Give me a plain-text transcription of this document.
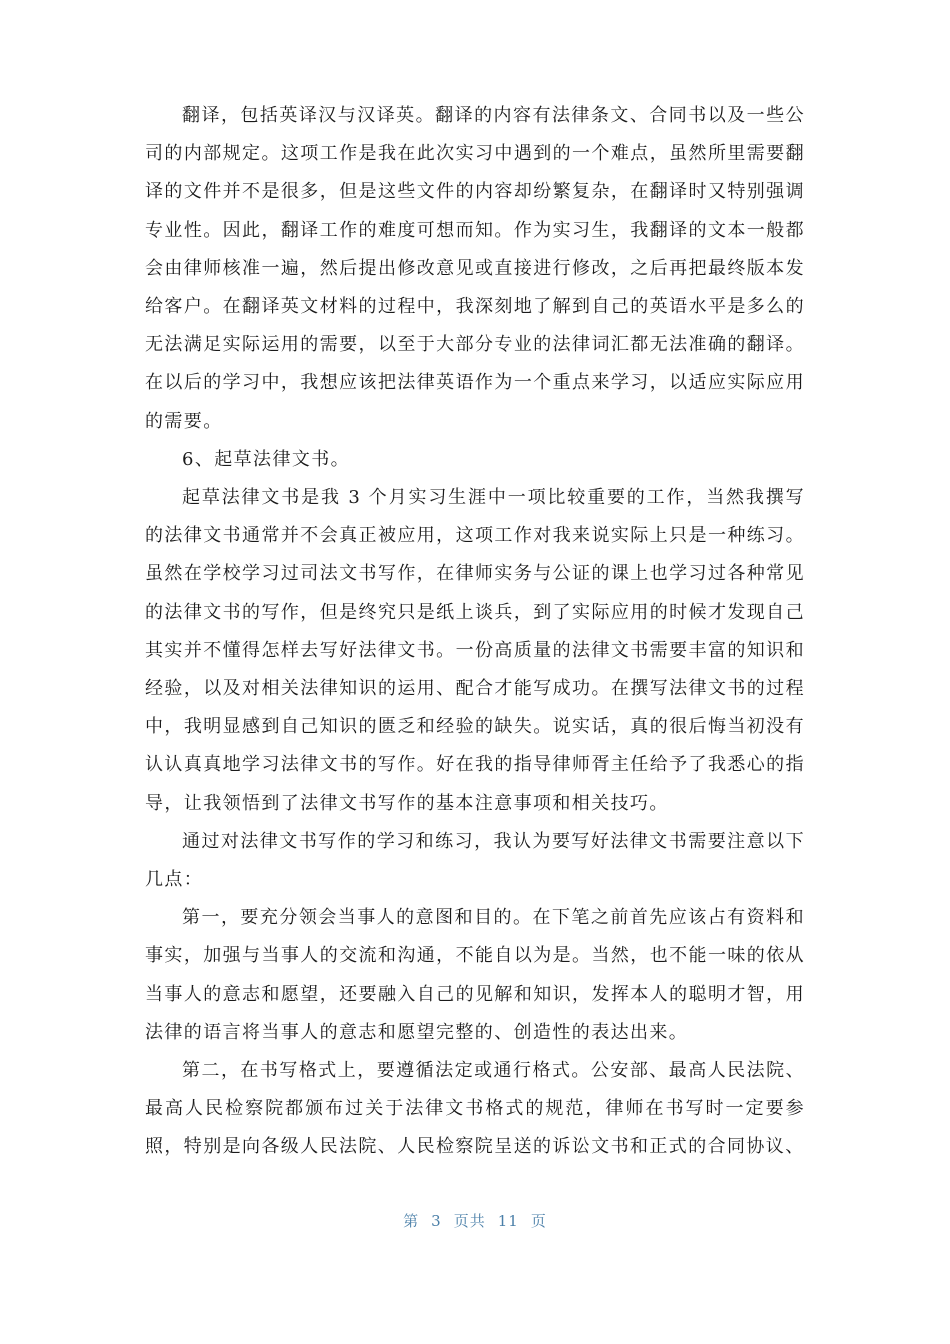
翻译，包括英译汉与汉译英。翻译的内容有法律条文、合同书以及一些公司的内部规定。这项工作是我在此次实习中遇到的一个难点，虽然所里需要翻译的文件并不是很多，但是这些文件的内容却纷繁复杂，在翻译时又特别强调专业性。因此，翻译工作的难度可想而知。作为实习生，我翻译的文本一般都会由律师核准一遍，然后提出修改意见或直接进行修改，之后再把最终版本发给客户。在翻译英文材料的过程中，我深刻地了解到自己的英语水平是多么的无法满足实际运用的需要，以至于大部分专业的法律词汇都无法准确的翻译。在以后的学习中，我想应该把法律英语作为一个重点来学习，以适应实际应用的需要。

6、起草法律文书。

起草法律文书是我 3 个月实习生涯中一项比较重要的工作，当然我撰写的法律文书通常并不会真正被应用，这项工作对我来说实际上只是一种练习。 虽然在学校学习过司法文书写作，在律师实务与公证的课上也学习过各种常见的法律文书的写作，但是终究只是纸上谈兵，到了实际应用的时候才发现自己其实并不懂得怎样去写好法律文书。一份高质量的法律文书需要丰富的知识和经验，以及对相关法律知识的运用、配合才能写成功。在撰写法律文书的过程中，我明显感到自己知识的匮乏和经验的缺失。说实话，真的很后悔当初没有认认真真地学习法律文书的写作。好在我的指导律师胥主任给予了我悉心的指导，让我领悟到了法律文书写作的基本注意事项和相关技巧。

通过对法律文书写作的学习和练习，我认为要写好法律文书需要注意以下几点：

第一，要充分领会当事人的意图和目的。在下笔之前首先应该占有资料和事实，加强与当事人的交流和沟通，不能自以为是。当然，也不能一味的依从当事人的意志和愿望，还要融入自己的见解和知识，发挥本人的聪明才智，用法律的语言将当事人的意志和愿望完整的、创造性的表达出来。

第二，在书写格式上，要遵循法定或通行格式。公安部、最高人民法院、最高人民检察院都颁布过关于法律文书格式的规范，律师在书写时一定要参照，特别是向各级人民法院、人民检察院呈送的诉讼文书和正式的合同协议、

第 3 页共 11 页
